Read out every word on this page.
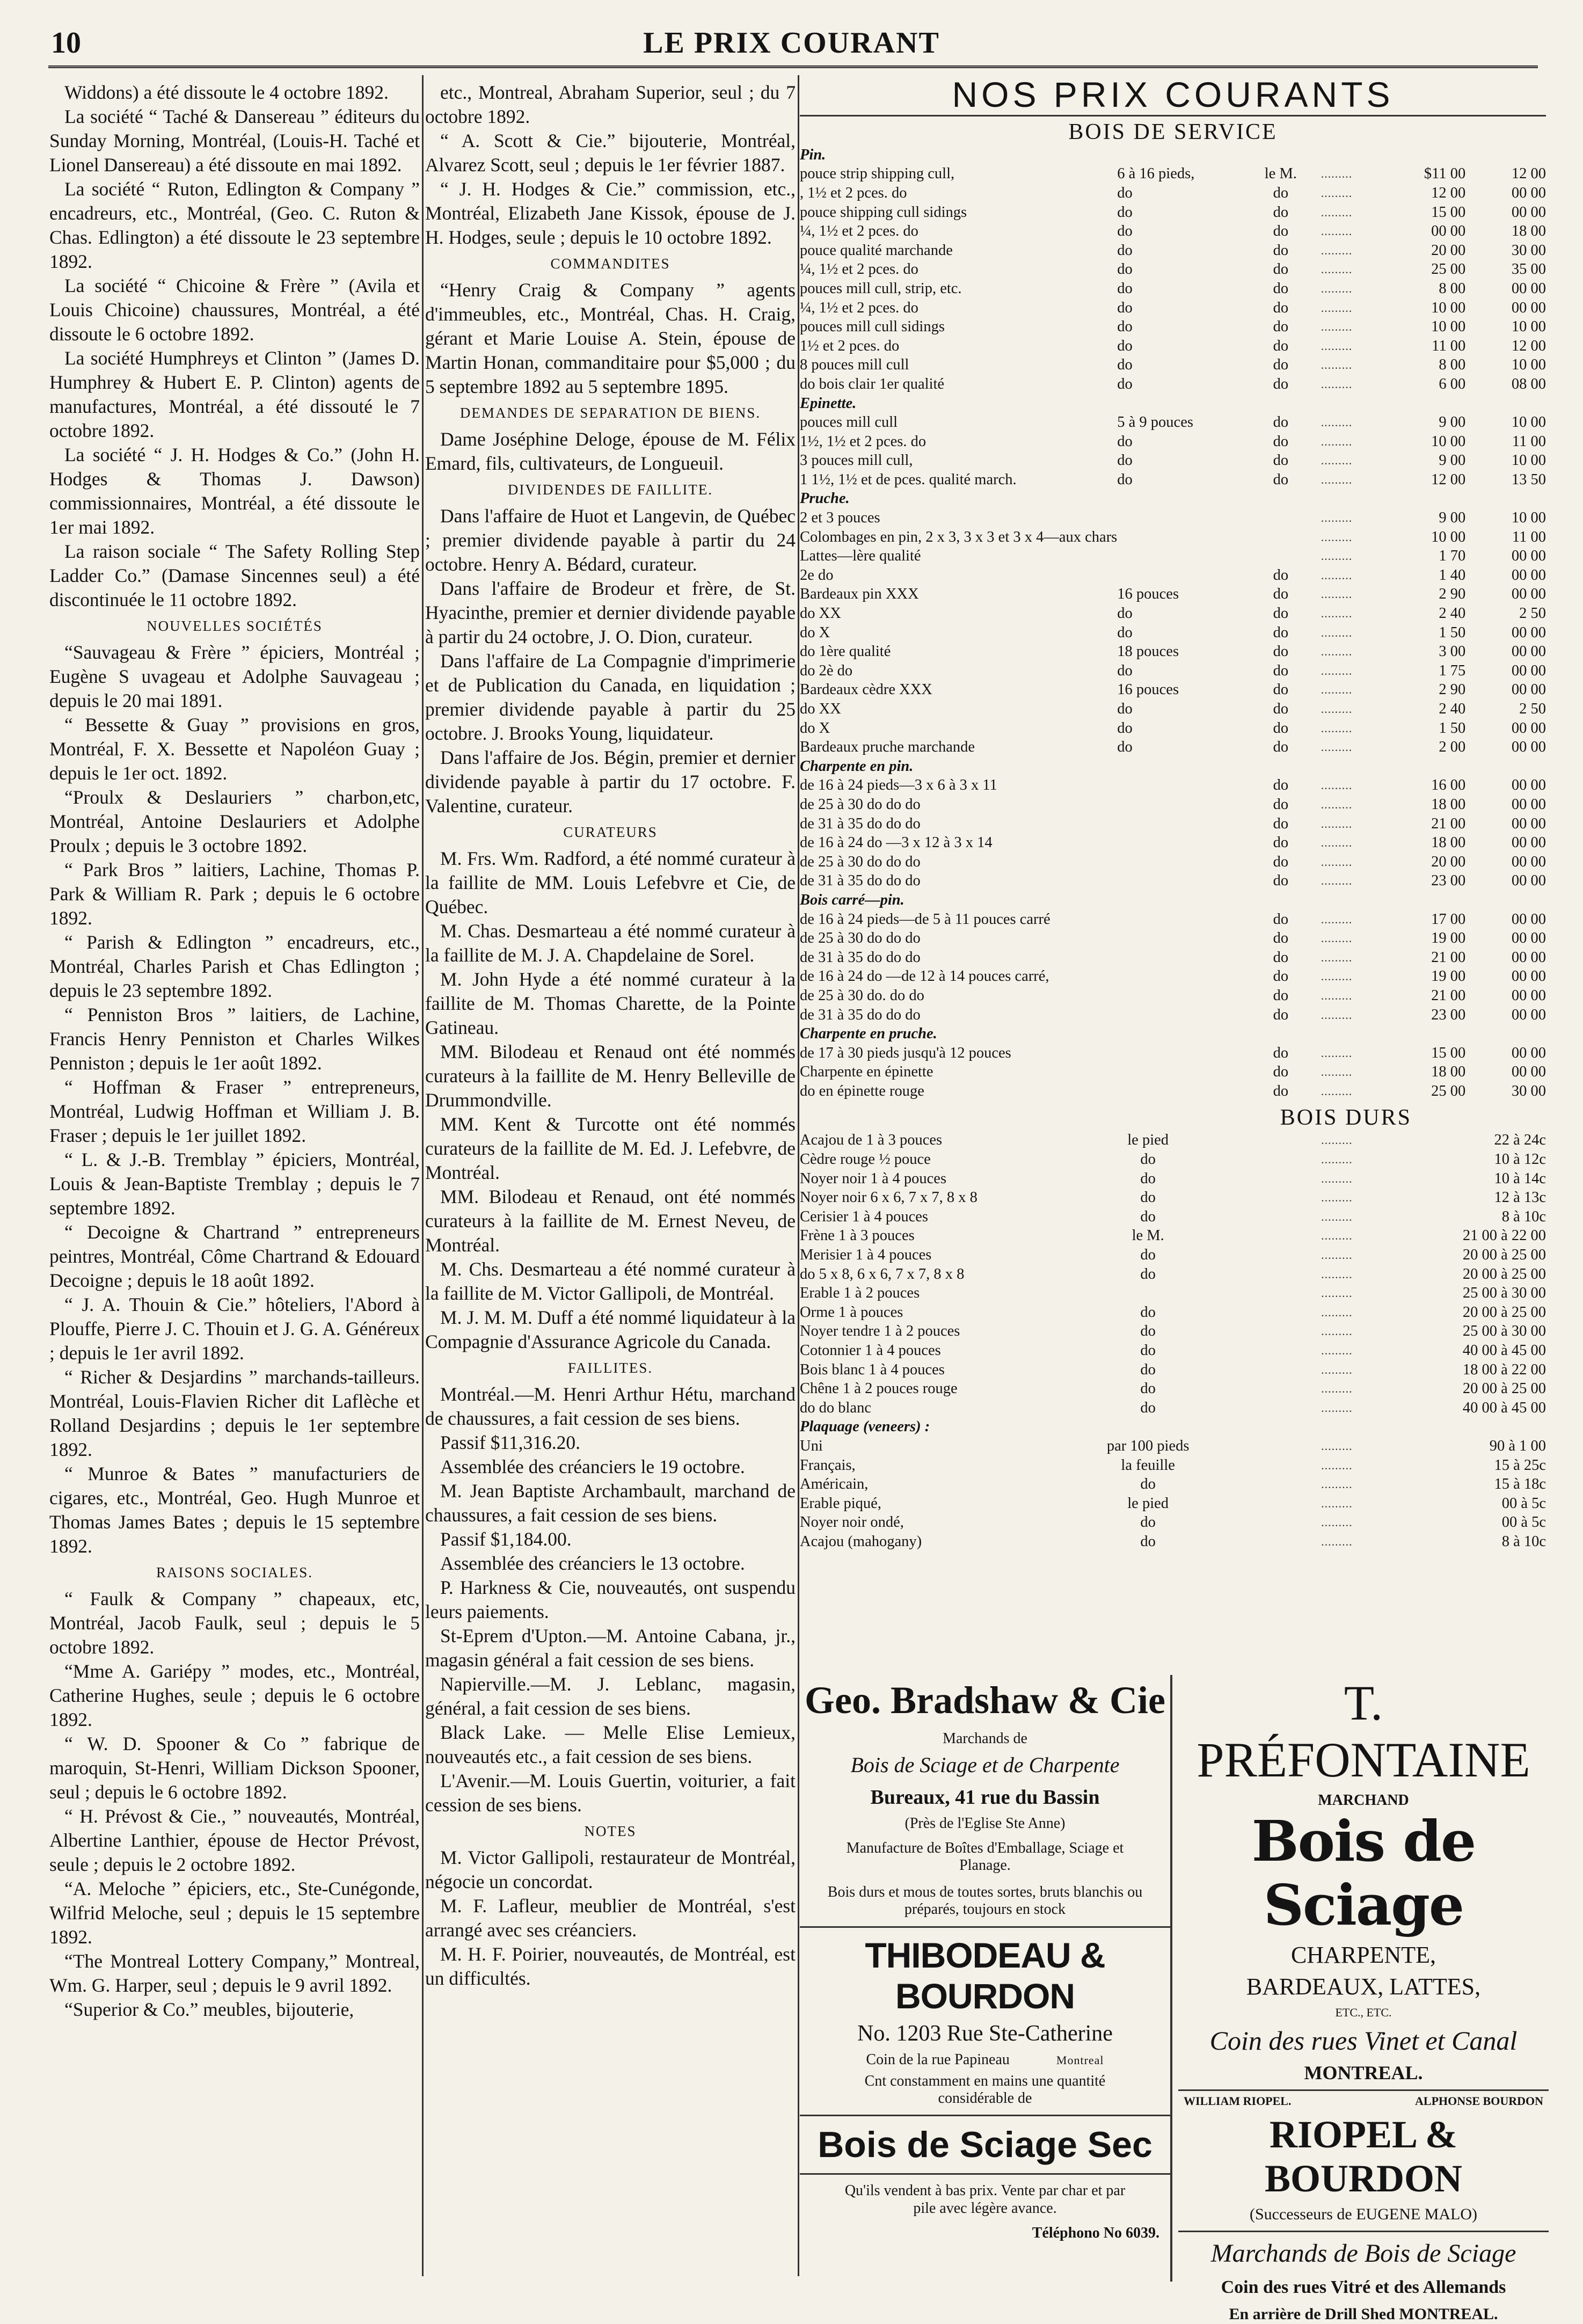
10	LE PRIX COURANT

Widdons) a été dissoute le 4 octobre 1892.

La société “ Taché & Dansereau ” éditeurs du Sunday Morning, Montréal, (Louis-H. Taché et Lionel Dansereau) a été dissoute en mai 1892.

La société “ Ruton, Edlington & Company ” encadreurs, etc., Montréal, (Geo. C. Ruton & Chas. Edlington) a été dissoute le 23 septembre 1892.

La société “ Chicoine & Frère ” (Avila et Louis Chicoine) chaussures, Montréal, a été dissoute le 6 octobre 1892.

La société Humphreys et Clinton ” (James D. Humphrey & Hubert E. P. Clinton) agents de manufactures, Montréal, a été dissouté le 7 octobre 1892.

La société “ J. H. Hodges & Co.” (John H. Hodges & Thomas J. Dawson) commissionnaires, Montréal, a été dissoute le 1er mai 1892.

La raison sociale “ The Safety Rolling Step Ladder Co.” (Damase Sincennes seul) a été discontinuée le 11 octobre 1892.

NOUVELLES SOCIÉTÉS

“Sauvageau & Frère ” épiciers, Montréal ; Eugène S uvageau et Adolphe Sauvageau ; depuis le 20 mai 1891.

“ Bessette & Guay ” provisions en gros, Montréal, F. X. Bessette et Napoléon Guay ; depuis le 1er oct. 1892.

“Proulx & Deslauriers ” charbon,etc, Montréal, Antoine Deslauriers et Adolphe Proulx ; depuis le 3 octobre 1892.

“ Park Bros ” laitiers, Lachine, Thomas P. Park & William R. Park ; depuis le 6 octobre 1892.

“ Parish & Edlington ” encadreurs, etc., Montréal, Charles Parish et Chas Edlington ; depuis le 23 septembre 1892.

“ Penniston Bros ” laitiers, de Lachine, Francis Henry Penniston et Charles Wilkes Penniston ; depuis le 1er août 1892.

“ Hoffman & Fraser ” entrepreneurs, Montréal, Ludwig Hoffman et William J. B. Fraser ; depuis le 1er juillet 1892.

“ L. & J.-B. Tremblay ” épiciers, Montréal, Louis & Jean-Baptiste Tremblay ; depuis le 7 septembre 1892.

“ Decoigne & Chartrand ” entrepreneurs peintres, Montréal, Côme Chartrand & Edouard Decoigne ; depuis le 18 août 1892.

“ J. A. Thouin & Cie.” hôteliers, l'Abord à Plouffe, Pierre J. C. Thouin et J. G. A. Généreux ; depuis le 1er avril 1892.

“ Richer & Desjardins ” marchands-tailleurs. Montréal, Louis-Flavien Richer dit Laflèche et Rolland Desjardins ; depuis le 1er septembre 1892.

“ Munroe & Bates ” manufacturiers de cigares, etc., Montréal, Geo. Hugh Munroe et Thomas James Bates ; depuis le 15 septembre 1892.

RAISONS SOCIALES.

“ Faulk & Company ” chapeaux, etc, Montréal, Jacob Faulk, seul ; depuis le 5 octobre 1892.

“Mme A. Gariépy ” modes, etc., Montréal, Catherine Hughes, seule ; depuis le 6 octobre 1892.

“ W. D. Spooner & Co ” fabrique de maroquin, St-Henri, William Dickson Spooner, seul ; depuis le 6 octobre 1892.

“ H. Prévost & Cie., ” nouveautés, Montréal, Albertine Lanthier, épouse de Hector Prévost, seule ; depuis le 2 octobre 1892.

“A. Meloche ” épiciers, etc., Ste-Cunégonde, Wilfrid Meloche, seul ; depuis le 15 septembre 1892.

“The Montreal Lottery Company,” Montreal, Wm. G. Harper, seul ; depuis le 9 avril 1892.

“Superior & Co.” meubles, bijouterie,

etc., Montreal, Abraham Superior, seul ; du 7 octobre 1892.

“ A. Scott & Cie.” bijouterie, Montréal, Alvarez Scott, seul ; depuis le 1er février 1887.

“ J. H. Hodges & Cie.” commission, etc., Montréal, Elizabeth Jane Kissok, épouse de J. H. Hodges, seule ; depuis le 10 octobre 1892.

COMMANDITES

“Henry Craig & Company ” agents d'immeubles, etc., Montréal, Chas. H. Craig, gérant et Marie Louise A. Stein, épouse de Martin Honan, commanditaire pour $5,000 ; du 5 septembre 1892 au 5 septembre 1895.

DEMANDES DE SEPARATION DE BIENS.

Dame Joséphine Deloge, épouse de M. Félix Emard, fils, cultivateurs, de Longueuil.

DIVIDENDES DE FAILLITE.

Dans l'affaire de Huot et Langevin, de Québec ; premier dividende payable à partir du 24 octobre. Henry A. Bédard, curateur.

Dans l'affaire de Brodeur et frère, de St. Hyacinthe, premier et dernier dividende payable à partir du 24 octobre, J. O. Dion, curateur.

Dans l'affaire de La Compagnie d'imprimerie et de Publication du Canada, en liquidation ; premier dividende payable à partir du 25 octobre. J. Brooks Young, liquidateur.

Dans l'affaire de Jos. Bégin, premier et dernier dividende payable à partir du 17 octobre. F. Valentine, curateur.

CURATEURS

M. Frs. Wm. Radford, a été nommé curateur à la faillite de MM. Louis Lefebvre et Cie, de Québec.

M. Chas. Desmarteau a été nommé curateur à la faillite de M. J. A. Chapdelaine de Sorel.

M. John Hyde a été nommé curateur à la faillite de M. Thomas Charette, de la Pointe Gatineau.

MM. Bilodeau et Renaud ont été nommés curateurs à la faillite de M. Henry Belleville de Drummondville.

MM. Kent & Turcotte ont été nommés curateurs de la faillite de M. Ed. J. Lefebvre, de Montréal.

MM. Bilodeau et Renaud, ont été nommés curateurs à la faillite de M. Ernest Neveu, de Montréal.

M. Chs. Desmarteau a été nommé curateur à la faillite de M. Victor Gallipoli, de Montréal.

M. J. M. M. Duff a été nommé liquidateur à la Compagnie d'Assurance Agricole du Canada.

FAILLITES.

Montréal.—M. Henri Arthur Hétu, marchand de chaussures, a fait cession de ses biens.

Passif $11,316.20.

Assemblée des créanciers le 19 octobre.

M. Jean Baptiste Archambault, marchand de chaussures, a fait cession de ses biens.

Passif $1,184.00.

Assemblée des créanciers le 13 octobre.

P. Harkness & Cie, nouveautés, ont suspendu leurs paiements.

St-Eprem d'Upton.—M. Antoine Cabana, jr., magasin général a fait cession de ses biens.

Napierville.—M. J. Leblanc, magasin, général, a fait cession de ses biens.

Black Lake. — Melle Elise Lemieux, nouveautés etc., a fait cession de ses biens.

L'Avenir.—M. Louis Guertin, voiturier, a fait cession de ses biens.

NOTES

M. Victor Gallipoli, restaurateur de Montréal, négocie un concordat.

M. F. Lafleur, meublier de Montréal, s'est arrangé avec ses créanciers.

M. H. F. Poirier, nouveautés, de Montréal, est un difficultés.

NOS PRIX COURANTS
BOIS DE SERVICE
Pin.					
pouce strip shipping cull,	6 à 16 pieds,	le M.	.........	$11 00	12 00
, 1½ et 2 pces. do	do	do	.........	12 00	00 00
pouce shipping cull sidings	do	do	.........	15 00	00 00
¼, 1½ et 2 pces. do	do	do	.........	00 00	18 00
pouce qualité marchande	do	do	.........	20 00	30 00
¼, 1½ et 2 pces. do	do	do	.........	25 00	35 00
pouces mill cull, strip, etc.	do	do	.........	8 00	00 00
¼, 1½ et 2 pces. do	do	do	.........	10 00	00 00
pouces mill cull sidings	do	do	.........	10 00	10 00
1½ et 2 pces. do	do	do	.........	11 00	12 00
8 pouces mill cull	do	do	.........	8 00	10 00
do bois clair 1er qualité	do	do	.........	6 00	08 00
Epinette.					
pouces mill cull	5 à 9 pouces	do	.........	9 00	10 00
1½, 1½ et 2 pces. do	do	do	.........	10 00	11 00
3 pouces mill cull,	do	do	.........	9 00	10 00
1 1½, 1½ et de pces. qualité march.	do	do	.........	12 00	13 50
Pruche.					
2 et 3 pouces			.........	9 00	10 00
Colombages en pin, 2 x 3, 3 x 3 et 3 x 4—aux chars			.........	10 00	11 00
Lattes—lère qualité			.........	1 70	00 00
2e do		do	.........	1 40	00 00
Bardeaux pin XXX	16 pouces	do	.........	2 90	00 00
do XX	do	do	.........	2 40	2 50
do X	do	do	.........	1 50	00 00
do 1ère qualité	18 pouces	do	.........	3 00	00 00
do 2è do	do	do	.........	1 75	00 00
Bardeaux cèdre XXX	16 pouces	do	.........	2 90	00 00
do XX	do	do	.........	2 40	2 50
do X	do	do	.........	1 50	00 00
Bardeaux pruche marchande	do	do	.........	2 00	00 00
Charpente en pin.					
de 16 à 24 pieds—3 x 6 à 3 x 11		do	.........	16 00	00 00
de 25 à 30 do do do		do	.........	18 00	00 00
de 31 à 35 do do do		do	.........	21 00	00 00
de 16 à 24 do —3 x 12 à 3 x 14		do	.........	18 00	00 00
de 25 à 30 do do do		do	.........	20 00	00 00
de 31 à 35 do do do		do	.........	23 00	00 00
Bois carré—pin.					
de 16 à 24 pieds—de 5 à 11 pouces carré		do	.........	17 00	00 00
de 25 à 30 do do do		do	.........	19 00	00 00
de 31 à 35 do do do		do	.........	21 00	00 00
de 16 à 24 do —de 12 à 14 pouces carré,		do	.........	19 00	00 00
de 25 à 30 do. do do		do	.........	21 00	00 00
de 31 à 35 do do do		do	.........	23 00	00 00
Charpente en pruche.					
de 17 à 30 pieds jusqu'à 12 pouces		do	.........	15 00	00 00
Charpente en épinette		do	.........	18 00	00 00
do en épinette rouge		do	.........	25 00	30 00
BOIS DURS
Acajou de 1 à 3 pouces	le pied	.........	22 à 24c
Cèdre rouge ½ pouce	do	.........	10 à 12c
Noyer noir 1 à 4 pouces	do	.........	10 à 14c
Noyer noir 6 x 6, 7 x 7, 8 x 8	do	.........	12 à 13c
Cerisier 1 à 4 pouces	do	.........	8 à 10c
Frène 1 à 3 pouces	le M.	.........	21 00 à 22 00
Merisier 1 à 4 pouces	do	.........	20 00 à 25 00
do 5 x 8, 6 x 6, 7 x 7, 8 x 8	do	.........	20 00 à 25 00
Erable 1 à 2 pouces		.........	25 00 à 30 00
Orme 1 à pouces	do	.........	20 00 à 25 00
Noyer tendre 1 à 2 pouces	do	.........	25 00 à 30 00
Cotonnier 1 à 4 pouces	do	.........	40 00 à 45 00
Bois blanc 1 à 4 pouces	do	.........	18 00 à 22 00
Chêne 1 à 2 pouces rouge	do	.........	20 00 à 25 00
do do blanc	do	.........	40 00 à 45 00
Plaquage (veneers) :			
Uni	par 100 pieds	.........	90 à 1 00
Français,	la feuille	.........	15 à 25c
Américain,	do	.........	15 à 18c
Erable piqué,	le pied	.........	00 à 5c
Noyer noir ondé,	do	.........	00 à 5c
Acajou (mahogany)	do	.........	8 à 10c
Geo. Bradshaw & Cie
Marchands de
Bois de Sciage et de Charpente
Bureaux, 41 rue du Bassin
(Près de l'Eglise Ste Anne)
Manufacture de Boîtes d'Emballage, Sciage et Planage.
Bois durs et mous de toutes sortes, bruts blanchis ou préparés, toujours en stock
THIBODEAU & BOURDON
No. 1203 Rue Ste-Catherine
Coin de la rue Papineau	Montreal
Cnt constamment en mains une quantité considérable de
Bois de Sciage Sec
Qu'ils vendent à bas prix. Vente par char et par pile avec légère avance.
Téléphono No 6039.
T. PRÉFONTAINE
MARCHAND
Bois de Sciage
CHARPENTE,
BARDEAUX, LATTES,
ETC., ETC.
Coin des rues Vinet et Canal
MONTREAL.
WILLIAM RIOPEL.	ALPHONSE BOURDON
RIOPEL & BOURDON
(Successeurs de EUGENE MALO)
Marchands de Bois de Sciage
Coin des rues Vitré et des Allemands
En arrière de Drill Shed MONTREAL.
